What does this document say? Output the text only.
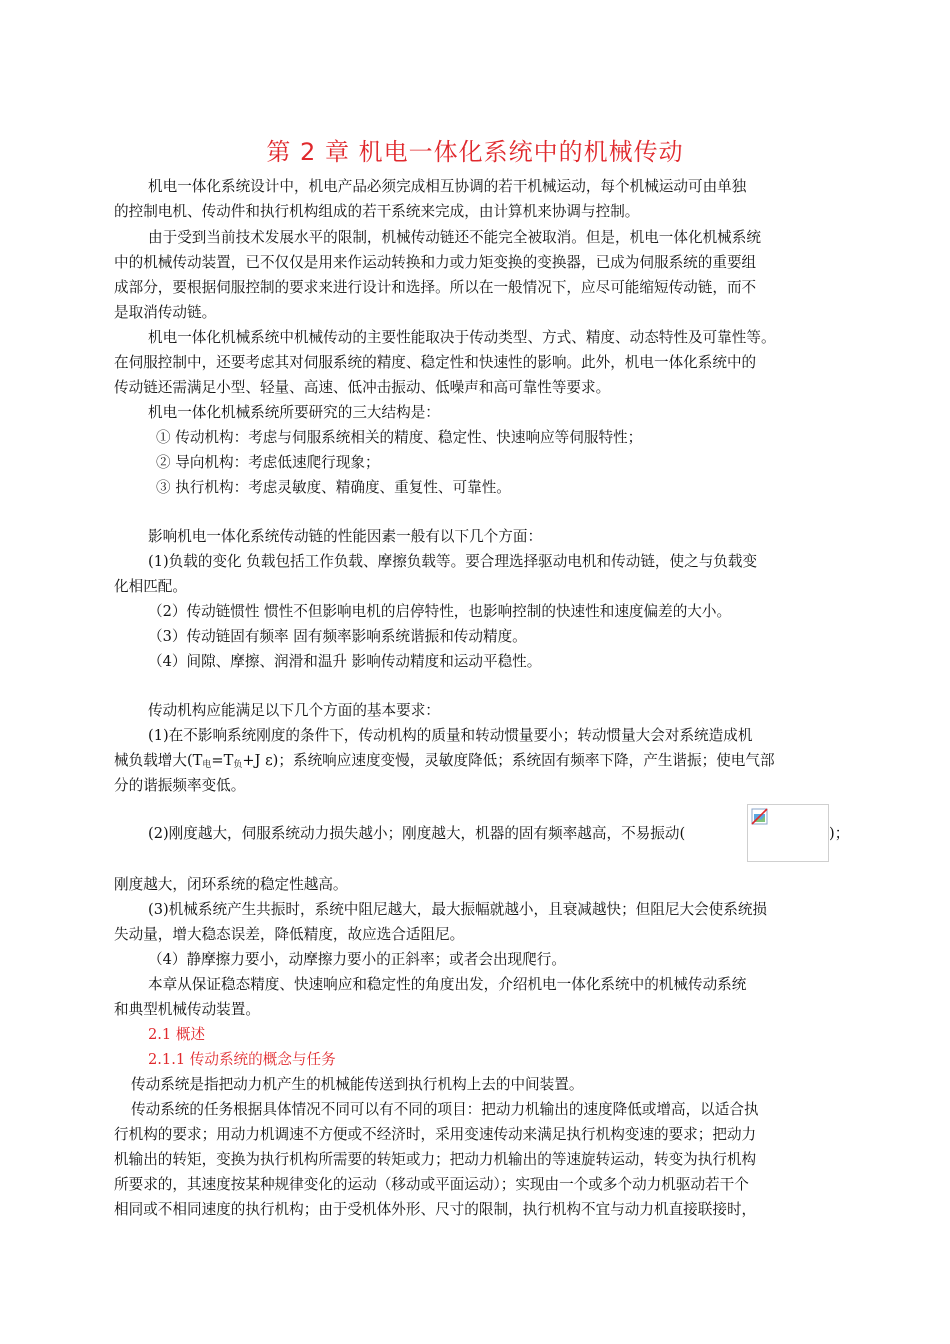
第 2 章 机电一体化系统中的机械传动
机电一体化系统设计中，机电产品必须完成相互协调的若干机械运动，每个机械运动可由单独
的控制电机、传动件和执行机构组成的若干系统来完成，由计算机来协调与控制。
由于受到当前技术发展水平的限制，机械传动链还不能完全被取消。但是，机电一体化机械系统
中的机械传动装置，已不仅仅是用来作运动转换和力或力矩变换的变换器，已成为伺服系统的重要组
成部分，要根据伺服控制的要求来进行设计和选择。所以在一般情况下，应尽可能缩短传动链，而不
是取消传动链。
机电一体化机械系统中机械传动的主要性能取决于传动类型、方式、精度、动态特性及可靠性等。
在伺服控制中，还要考虑其对伺服系统的精度、稳定性和快速性的影响。此外，机电一体化系统中的
传动链还需满足小型、轻量、高速、低冲击振动、低噪声和高可靠性等要求。
机电一体化机械系统所要研究的三大结构是：
① 传动机构：考虑与伺服系统相关的精度、稳定性、快速响应等伺服特性；
② 导向机构：考虑低速爬行现象；
③ 执行机构：考虑灵敏度、精确度、重复性、可靠性。
影响机电一体化系统传动链的性能因素一般有以下几个方面：
(1)负载的变化 负载包括工作负载、摩擦负载等。要合理选择驱动电机和传动链，使之与负载变
化相匹配。
（2）传动链惯性 惯性不但影响电机的启停特性，也影响控制的快速性和速度偏差的大小。
（3）传动链固有频率 固有频率影响系统谐振和传动精度。
（4）间隙、摩擦、润滑和温升 影响传动精度和运动平稳性。
传动机构应能满足以下几个方面的基本要求：
(1)在不影响系统刚度的条件下，传动机构的质量和转动惯量要小；转动惯量大会对系统造成机
械负载增大($T_电=T_负+J$ ε)；系统响应速度变慢，灵敏度降低；系统固有频率下降，产生谐振；使电气部
分的谐振频率变低。
(2)刚度越大，伺服系统动力损失越小；刚度越大，机器的固有频率越高，不易振动(	)；
刚度越大，闭环系统的稳定性越高。
(3)机械系统产生共振时，系统中阻尼越大，最大振幅就越小，且衰减越快；但阻尼大会使系统损
失动量，增大稳态误差，降低精度，故应选合适阻尼。
（4）静摩擦力要小，动摩擦力要小的正斜率；或者会出现爬行。
本章从保证稳态精度、快速响应和稳定性的角度出发，介绍机电一体化系统中的机械传动系统
和典型机械传动装置。
2.1 概述
2.1.1 传动系统的概念与任务
传动系统是指把动力机产生的机械能传送到执行机构上去的中间装置。
传动系统的任务根据具体情况不同可以有不同的项目：把动力机输出的速度降低或增高，以适合执
行机构的要求；用动力机调速不方便或不经济时，采用变速传动来满足执行机构变速的要求；把动力
机输出的转矩，变换为执行机构所需要的转矩或力；把动力机输出的等速旋转运动，转变为执行机构
所要求的，其速度按某种规律变化的运动（移动或平面运动）；实现由一个或多个动力机驱动若干个
相同或不相同速度的执行机构；由于受机体外形、尺寸的限制，执行机构不宜与动力机直接联接时，
